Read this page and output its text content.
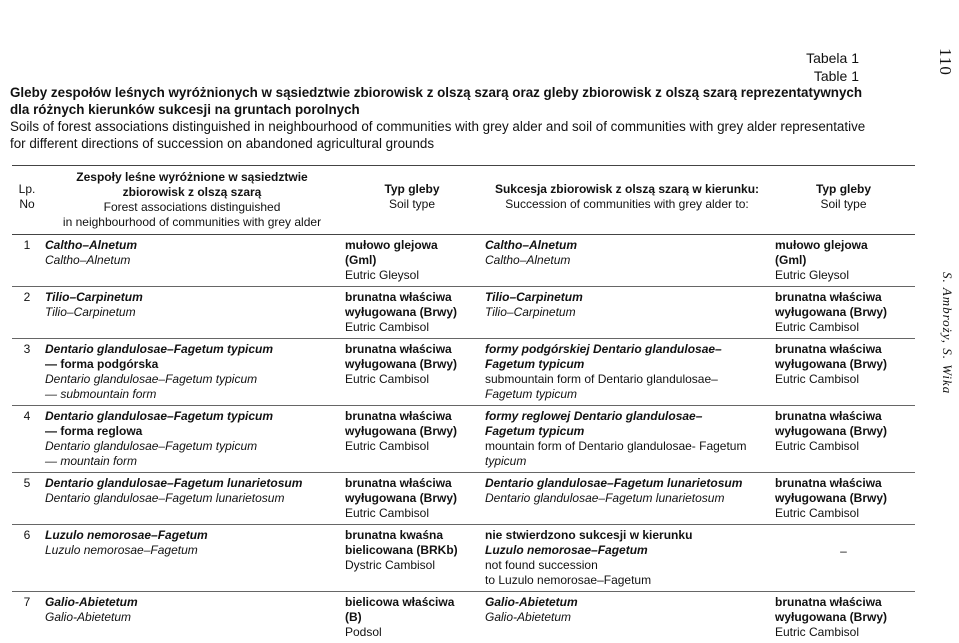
Tabela 1
Table 1
110
S. Ambroży, S. Wika
Gleby zespołów leśnych wyróżnionych w sąsiedztwie zbiorowisk z olszą szarą oraz gleby zbiorowisk z olszą szarą reprezentatywnych
dla różnych kierunków sukcesji na gruntach porolnych
Soils of forest associations distinguished in neighbourhood of communities with grey alder and soil of communities with grey alder representative
for different directions of succession on abandoned agricultural grounds
Lp.
No	Zespoły leśne wyróżnione w sąsiedztwie
zbiorowisk z olszą szarą
Forest associations distinguished
in neighbourhood of communities with grey alder	Typ gleby
Soil type	Sukcesja zbiorowisk z olszą szarą w kierunku:
Succession of communities with grey alder to:	Typ gleby
Soil type

1	Caltho–Alnetum
Caltho–Alnetum	mułowo glejowa
(Gml)
Eutric Gleysol	Caltho–Alnetum
Caltho–Alnetum	mułowo glejowa
(Gml)
Eutric Gleysol

2	Tilio–Carpinetum
Tilio–Carpinetum	brunatna właściwa
wyługowana (Brwy)
Eutric Cambisol	Tilio–Carpinetum
Tilio–Carpinetum	brunatna właściwa
wyługowana (Brwy)
Eutric Cambisol

3	Dentario glandulosae–Fagetum typicum
— forma podgórska
Dentario glandulosae–Fagetum typicum
— submountain form	brunatna właściwa
wyługowana (Brwy)
Eutric Cambisol	formy podgórskiej Dentario glandulosae–
Fagetum typicum
submountain form of Dentario glandulosae–
Fagetum typicum	brunatna właściwa
wyługowana (Brwy)
Eutric Cambisol

4	Dentario glandulosae–Fagetum typicum
— forma reglowa
Dentario glandulosae–Fagetum typicum
— mountain form	brunatna właściwa
wyługowana (Brwy)
Eutric Cambisol	formy reglowej Dentario glandulosae–
Fagetum typicum
mountain form of Dentario glandulosae- Fagetum
typicum	brunatna właściwa
wyługowana (Brwy)
Eutric Cambisol

5	Dentario glandulosae–Fagetum lunarietosum
Dentario glandulosae–Fagetum lunarietosum	brunatna właściwa
wyługowana (Brwy)
Eutric Cambisol	Dentario glandulosae–Fagetum lunarietosum
Dentario glandulosae–Fagetum lunarietosum	brunatna właściwa
wyługowana (Brwy)
Eutric Cambisol

6	Luzulo nemorosae–Fagetum
Luzulo nemorosae–Fagetum	brunatna kwaśna
bielicowana (BRKb)
Dystric Cambisol	nie stwierdzono sukcesji w kierunku
Luzulo nemorosae–Fagetum
not found succession
to Luzulo nemorosae–Fagetum	–

7	Galio-Abietetum
Galio-Abietetum	bielicowa właściwa
(B)
Podsol	Galio-Abietetum
Galio-Abietetum	brunatna właściwa
wyługowana (Brwy)
Eutric Cambisol
